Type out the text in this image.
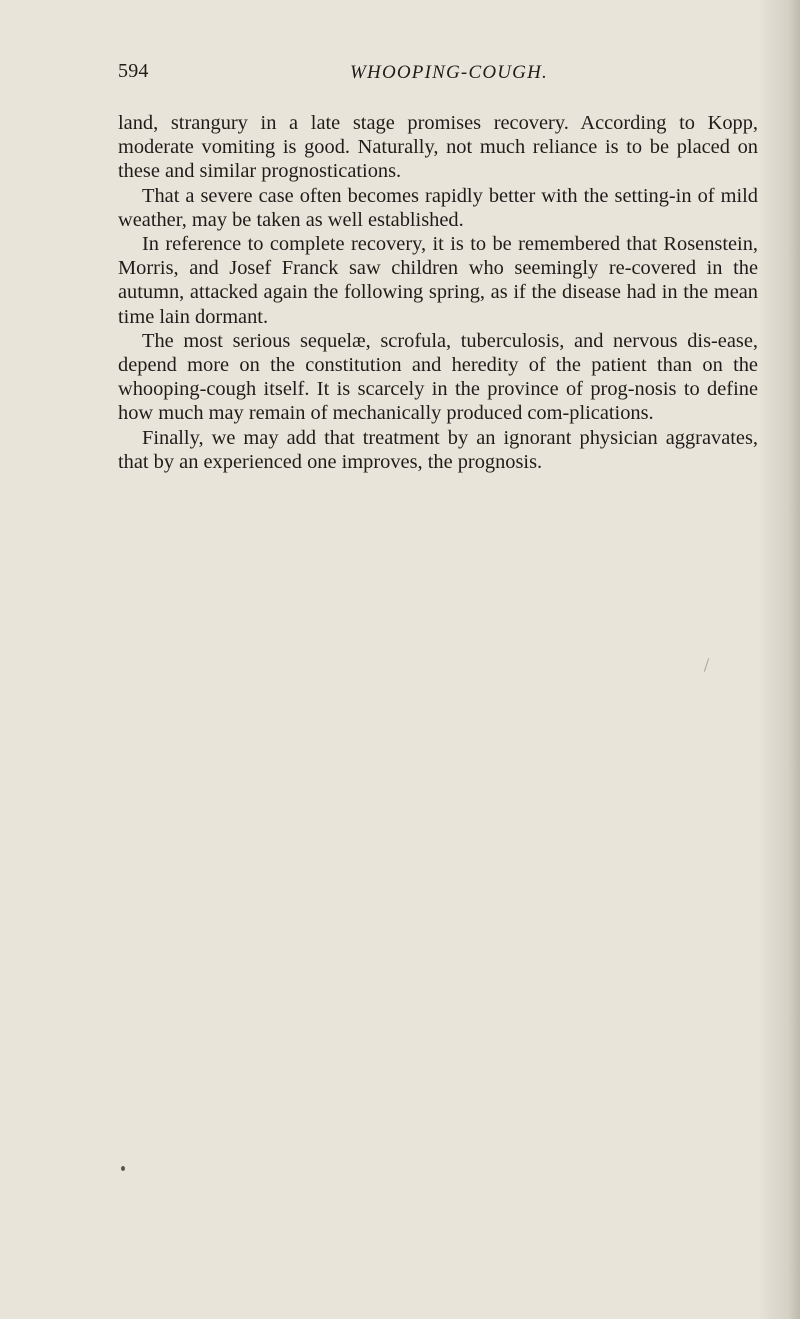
594	WHOOPING-COUGH.

land, strangury in a late stage promises recovery. According to Kopp, moderate vomiting is good. Naturally, not much reliance is to be placed on these and similar prognostications.

That a severe case often becomes rapidly better with the setting-in of mild weather, may be taken as well established.

In reference to complete recovery, it is to be remembered that Rosenstein, Morris, and Josef Franck saw children who seemingly re-covered in the autumn, attacked again the following spring, as if the disease had in the mean time lain dormant.

The most serious sequelæ, scrofula, tuberculosis, and nervous dis-ease, depend more on the constitution and heredity of the patient than on the whooping-cough itself. It is scarcely in the province of prog-nosis to define how much may remain of mechanically produced com-plications.

Finally, we may add that treatment by an ignorant physician aggravates, that by an experienced one improves, the prognosis.
